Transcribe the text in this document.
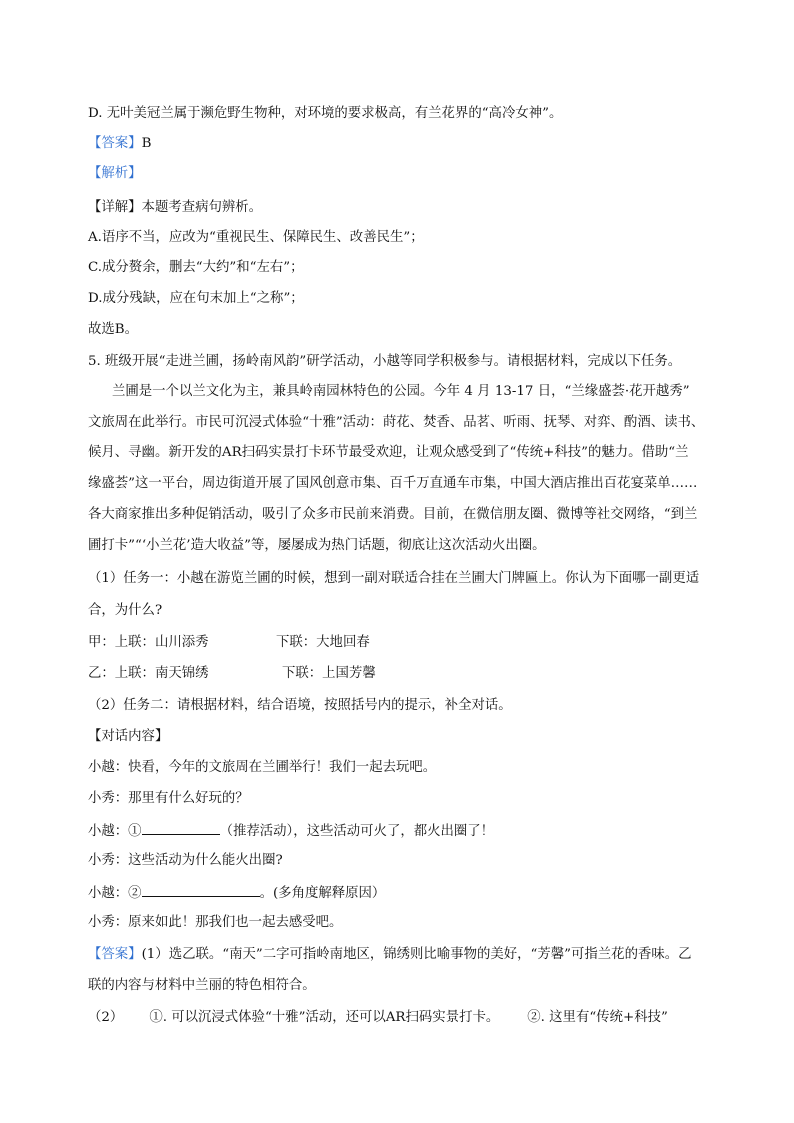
D. 无叶美冠兰属于濒危野生物种，对环境的要求极高，有兰花界的“高冷女神”。
【答案】B
【解析】
【详解】本题考查病句辨析。
A.语序不当，应改为“重视民生、保障民生、改善民生”；
C.成分赘余，删去“大约”和“左右”；
D.成分残缺，应在句末加上“之称”；
故选B。
5. 班级开展“走进兰圃，扬岭南风韵”研学活动，小越等同学积极参与。请根据材料，完成以下任务。
兰圃是一个以兰文化为主，兼具岭南园林特色的公园。今年 4 月 13-17 日，“兰缘盛荟·花开越秀”
文旅周在此举行。市民可沉浸式体验“十雅”活动：莳花、焚香、品茗、听雨、抚琴、对弈、酌酒、读书、
候月、寻幽。新开发的AR扫码实景打卡环节最受欢迎，让观众感受到了“传统+科技”的魅力。借助“兰
缘盛荟”这一平台，周边街道开展了国风创意市集、百千万直通车市集，中国大酒店推出百花宴菜单……
各大商家推出多种促销活动，吸引了众多市民前来消费。目前，在微信朋友圈、微博等社交网络，“到兰
圃打卡”“‘小兰花’造大收益”等，屡屡成为热门话题，彻底让这次活动火出圈。
（1）任务一：小越在游览兰圃的时候，想到一副对联适合挂在兰圃大门牌匾上。你认为下面哪一副更适
合，为什么?
甲：上联：山川添秀	下联：大地回春
乙：上联：南天锦绣	下联：上国芳馨
（2）任务二：请根据材料，结合语境，按照括号内的提示，补全对话。
【对话内容】
小越：快看，今年的文旅周在兰圃举行！我们一起去玩吧。
小秀：那里有什么好玩的？
小越：①	（推荐活动），这些活动可火了，都火出圈了！
小秀：这些活动为什么能火出圈?
小越：②	。(多角度解释原因）
小秀：原来如此！那我们也一起去感受吧。
【答案】(1）选乙联。“南天”二字可指岭南地区，锦绣则比喻事物的美好，“芳馨”可指兰花的香味。乙
联的内容与材料中兰丽的特色相符合。
（2） ①. 可以沉浸式体验“十雅”活动，还可以AR扫码实景打卡。 ②. 这里有“传统+科技”
